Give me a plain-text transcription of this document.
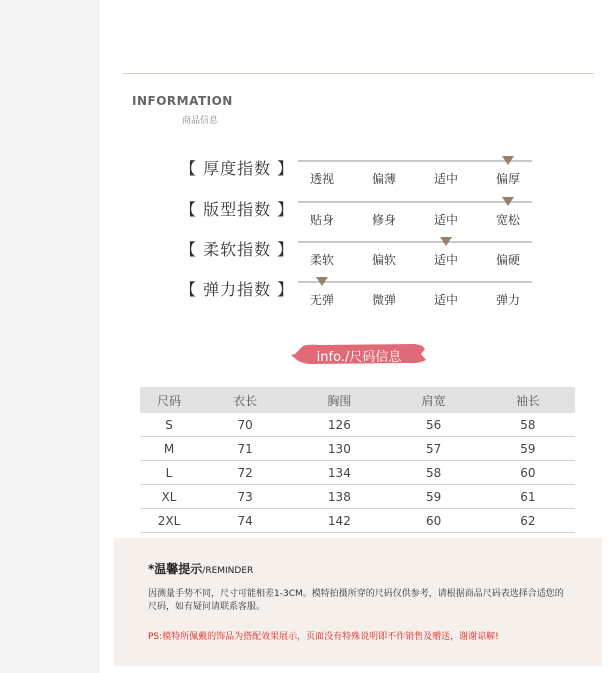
INFORMATION
商品信息
【 厚度指数 】
透视	偏薄	适中	偏厚
【 版型指数 】
贴身	修身	适中	宽松
【 柔软指数 】
柔软	偏软	适中	偏硬
【 弹力指数 】
无弹	微弹	适中	弹力
info./尺码信息
尺码	衣长	胸围	肩宽	袖长
S	70	126	56	58
M	71	130	57	59
L	72	134	58	60
XL	73	138	59	61
2XL	74	142	60	62
*温馨提示/REMINDER
因测量手势不同，尺寸可能相差1-3CM。模特拍摄所穿的尺码仅供参考，请根据商品尺码表选择合适您的尺码，如有疑问请联系客服。
PS:模特所佩戴的饰品为搭配效果展示，页面没有特殊说明即不作销售及赠送，谢谢谅解!
